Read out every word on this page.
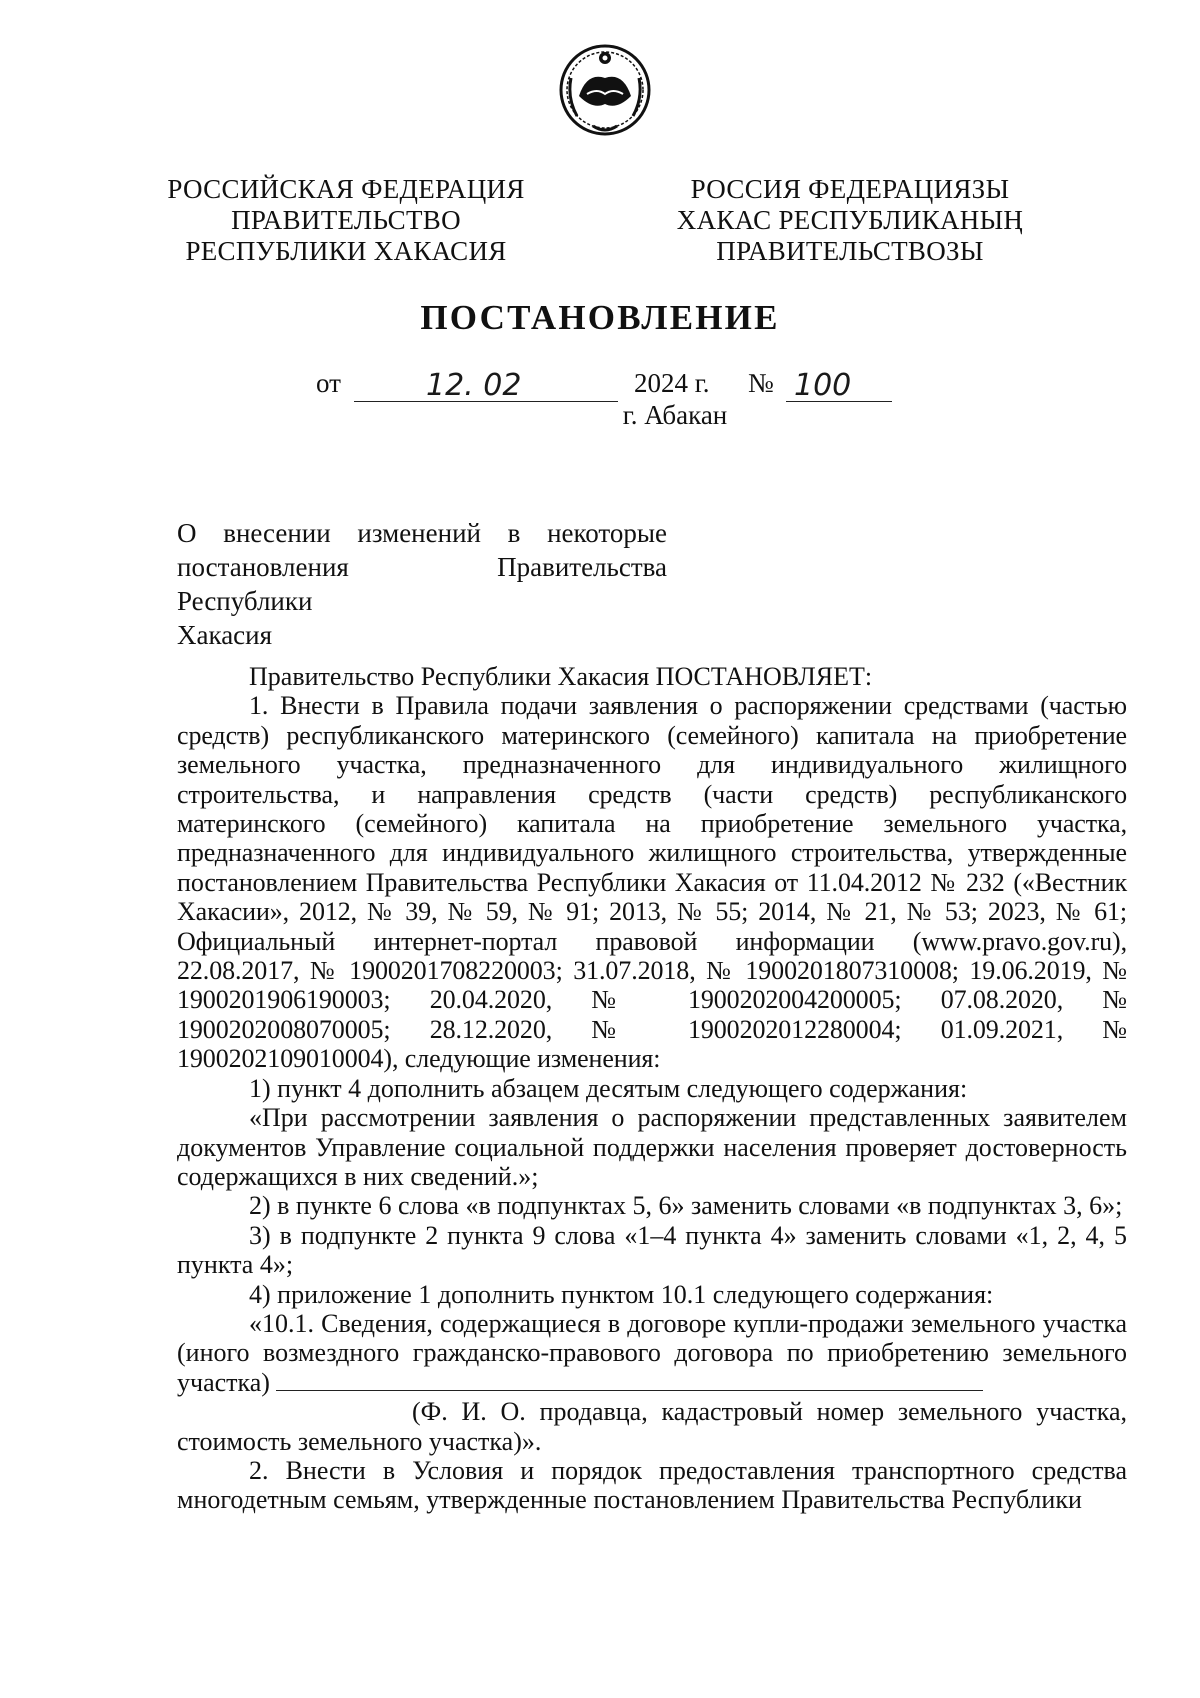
РОССИЙСКАЯ ФЕДЕРАЦИЯ
ПРАВИТЕЛЬСТВО
РЕСПУБЛИКИ ХАКАСИЯ
РОССИЯ ФЕДЕРАЦИЯЗЫ
ХАКАС РЕСПУБЛИКАНЫҢ
ПРАВИТЕЛЬСТВОЗЫ
ПОСТАНОВЛЕНИЕ
от	12. 02	2024 г. № 100
г. Абакан
О внесении изменений в некоторые
постановления Правительства Республики
Хакасия

Правительство Республики Хакасия ПОСТАНОВЛЯЕТ:

1. Внести в Правила подачи заявления о распоряжении средствами (частью средств) республиканского материнского (семейного) капитала на приобретение земельного участка, предназначенного для индивидуального жилищного строительства, и направления средств (части средств) республиканского материнского (семейного) капитала на приобретение земельного участка, предназначенного для индивидуального жилищного строительства, утвержденные постановлением Правительства Республики Хакасия от 11.04.2012 № 232 («Вестник Хакасии», 2012, № 39, № 59, № 91; 2013, № 55; 2014, № 21, № 53; 2023, № 61; Официальный интернет-портал правовой информации (www.pravo.gov.ru), 22.08.2017, № 1900201708220003; 31.07.2018, № 1900201807310008; 19.06.2019, № 1900201906190003; 20.04.2020, № 1900202004200005; 07.08.2020, № 1900202008070005; 28.12.2020, № 1900202012280004; 01.09.2021, № 1900202109010004), следующие изменения:

1) пункт 4 дополнить абзацем десятым следующего содержания:

«При рассмотрении заявления о распоряжении представленных заявителем документов Управление социальной поддержки населения проверяет достоверность содержащихся в них сведений.»;

2) в пункте 6 слова «в подпунктах 5, 6» заменить словами «в подпунктах 3, 6»;

3) в подпункте 2 пункта 9 слова «1–4 пункта 4» заменить словами «1, 2, 4, 5 пункта 4»;

4) приложение 1 дополнить пунктом 10.1 следующего содержания:

«10.1. Сведения, содержащиеся в договоре купли-продажи земельного участка (иного возмездного гражданско-правового договора по приобретению земельного участка)

(Ф. И. О. продавца, кадастровый номер земельного участка, стоимость земельного участка)».

2. Внести в Условия и порядок предоставления транспортного средства многодетным семьям, утвержденные постановлением Правительства Республики
